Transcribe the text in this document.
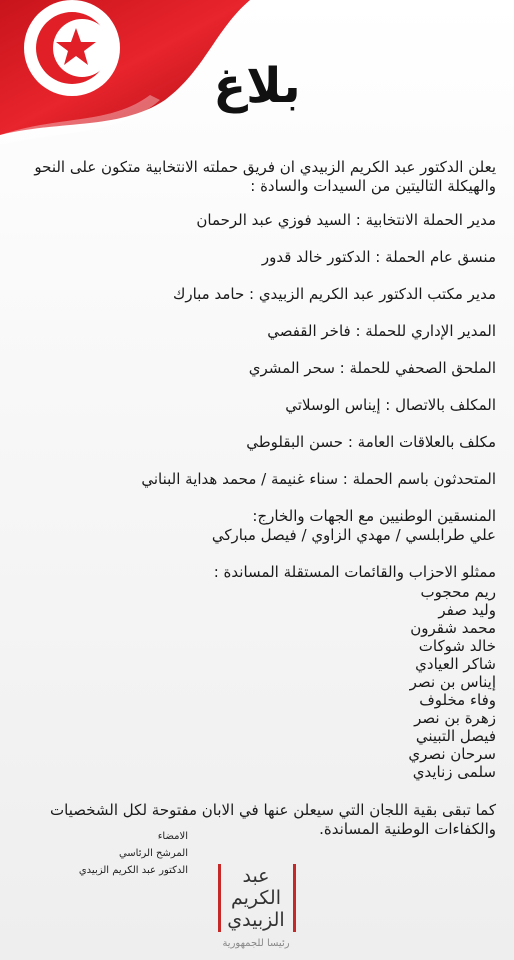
بلاغ

يعلن الدكتور عبد الكريم الزبيدي ان فريق حملته الانتخابية متكون على النحو والهيكلة التاليتين من السيدات والسادة :

مدير الحملة الانتخابية : السيد فوزي عبد الرحمان

منسق عام الحملة : الدكتور خالد قدور

مدير مكتب الدكتور عبد الكريم الزبيدي : حامد مبارك

المدير الإداري للحملة : فاخر القفصي

الملحق الصحفي للحملة : سحر المشري

المكلف بالاتصال : إيناس الوسلاتي

مكلف بالعلاقات العامة : حسن البقلوطي

المتحدثون باسم الحملة : سناء غنيمة / محمد هداية البناني

المنسقين الوطنيين مع الجهات والخارج:
علي طرابلسي / مهدي الزاوي / فيصل مباركي
ممثلو الاحزاب والقائمات المستقلة المساندة :
ريم محجوب
وليد صفر
محمد شقرون
خالد شوكات
شاكر العيادي
إيناس بن نصر
وفاء مخلوف
زهرة بن نصر
فيصل التبيني
سرحان نصري
سلمى زنايدي

كما تبقى بقية اللجان التي سيعلن عنها في الابان مفتوحة لكل الشخصيات والكفاءات الوطنية المساندة.

الامضاء
المرشح الرئاسي
الدكتور عبد الكريم الزبيدي	عبد
الكريم
الزبيدي
رئيسا للجمهورية
